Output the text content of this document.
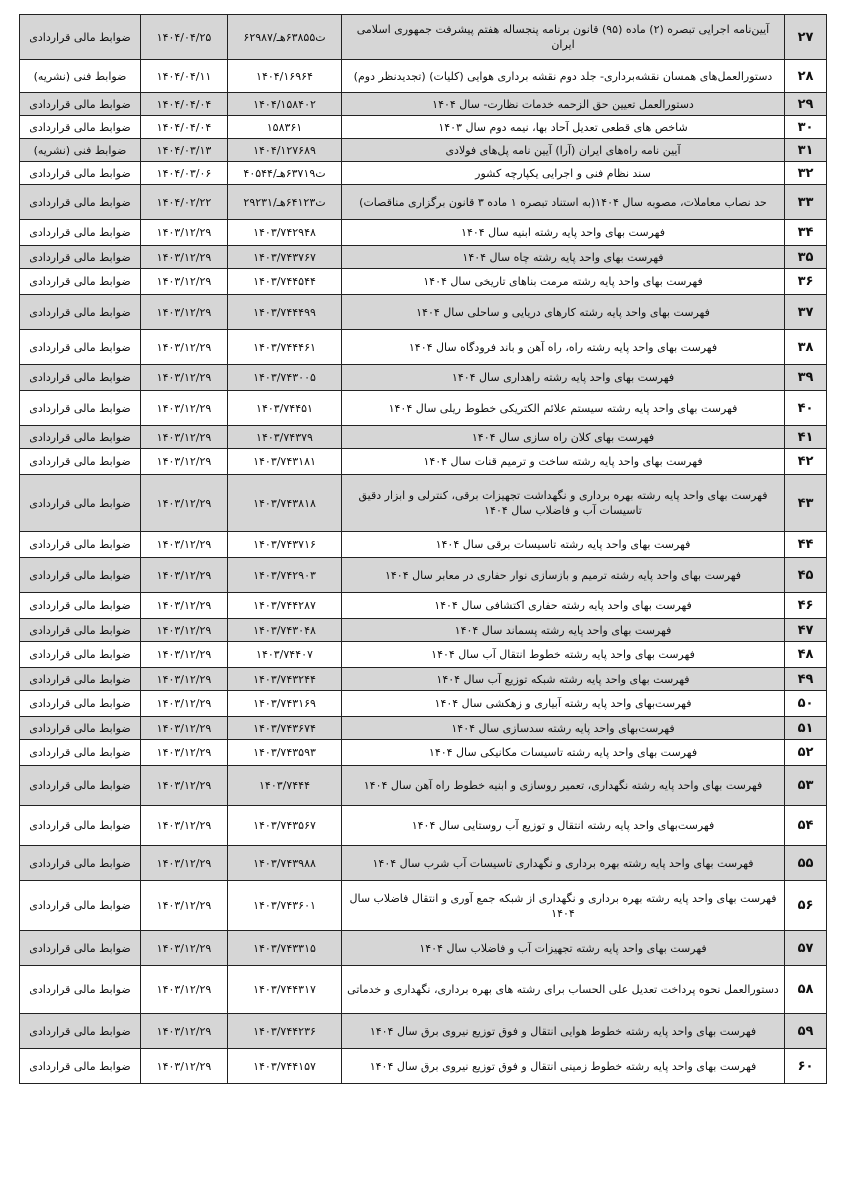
۲۷	آیین‌نامه اجرایی تبصره (۲) ماده (۹۵) قانون برنامه پنجساله هفتم پیشرفت جمهوری اسلامی ایران	ت۶۳۸۵۵هـ/۶۲۹۸۷	۱۴۰۴/۰۴/۲۵	ضوابط مالی قراردادی
۲۸	دستورالعمل‌های همسان نقشه‌برداری- جلد دوم نقشه برداری هوایی (کلیات) (تجدیدنظر دوم)	۱۴۰۴/۱۶۹۶۴	۱۴۰۴/۰۴/۱۱	ضوابط فنی (نشریه)
۲۹	دستورالعمل تعیین حق الزحمه خدمات نظارت- سال ۱۴۰۴	۱۴۰۴/۱۵۸۴۰۲	۱۴۰۴/۰۴/۰۴	ضوابط مالی قراردادی
۳۰	شاخص های قطعی تعدیل آحاد بها، نیمه دوم سال ۱۴۰۳	۱۵۸۳۶۱	۱۴۰۴/۰۴/۰۴	ضوابط مالی قراردادی
۳۱	آیین نامه راه‌های ایران (آرا) آیین نامه پل‌های فولادی	۱۴۰۴/۱۲۷۶۸۹	۱۴۰۴/۰۳/۱۳	ضوابط فنی (نشریه)
۳۲	سند نظام فنی و اجرایی یکپارچه کشور	ت۶۳۷۱۹هـ/۴۰۵۴۴	۱۴۰۴/۰۳/۰۶	ضوابط مالی قراردادی
۳۳	حد نصاب معاملات، مصوبه سال ۱۴۰۴(به استناد تبصره ۱ ماده ۳ قانون برگزاری مناقصات)	ت۶۴۱۲۳هـ/۲۹۲۳۱	۱۴۰۴/۰۲/۲۲	ضوابط مالی قراردادی
۳۴	فهرست بهای واحد پایه رشته ابنیه سال ۱۴۰۴	۱۴۰۳/۷۴۲۹۴۸	۱۴۰۳/۱۲/۲۹	ضوابط مالی قراردادی
۳۵	فهرست بهای واحد پایه رشته چاه سال ۱۴۰۴	۱۴۰۳/۷۴۳۷۶۷	۱۴۰۳/۱۲/۲۹	ضوابط مالی قراردادی
۳۶	فهرست بهای واحد پایه رشته مرمت بناهای تاریخی سال ۱۴۰۴	۱۴۰۳/۷۴۴۵۴۴	۱۴۰۳/۱۲/۲۹	ضوابط مالی قراردادی
۳۷	فهرست بهای واحد پایه رشته کارهای دریایی و ساحلی سال ۱۴۰۴	۱۴۰۳/۷۴۴۴۹۹	۱۴۰۳/۱۲/۲۹	ضوابط مالی قراردادی
۳۸	فهرست بهای واحد پایه رشته راه، راه آهن و باند فرودگاه سال ۱۴۰۴	۱۴۰۳/۷۴۴۴۶۱	۱۴۰۳/۱۲/۲۹	ضوابط مالی قراردادی
۳۹	فهرست بهای واحد پایه رشته راهداری سال ۱۴۰۴	۱۴۰۳/۷۴۳۰۰۵	۱۴۰۳/۱۲/۲۹	ضوابط مالی قراردادی
۴۰	فهرست بهای واحد پایه رشته سیستم علائم الکتریکی خطوط ریلی سال ۱۴۰۴	۱۴۰۳/۷۴۴۵۱	۱۴۰۳/۱۲/۲۹	ضوابط مالی قراردادی
۴۱	فهرست بهای کلان راه سازی سال ۱۴۰۴	۱۴۰۳/۷۴۳۷۹	۱۴۰۳/۱۲/۲۹	ضوابط مالی قراردادی
۴۲	فهرست بهای واحد پایه رشته ساخت و ترمیم قنات سال ۱۴۰۴	۱۴۰۳/۷۴۳۱۸۱	۱۴۰۳/۱۲/۲۹	ضوابط مالی قراردادی
۴۳	فهرست بهای واحد پایه رشته بهره برداری و نگهداشت تجهیزات برقی، کنترلی و ابزار دقیق تاسیسات آب و فاضلاب سال ۱۴۰۴	۱۴۰۳/۷۴۳۸۱۸	۱۴۰۳/۱۲/۲۹	ضوابط مالی قراردادی
۴۴	فهرست بهای واحد پایه رشته تاسیسات برقی سال ۱۴۰۴	۱۴۰۳/۷۴۳۷۱۶	۱۴۰۳/۱۲/۲۹	ضوابط مالی قراردادی
۴۵	فهرست بهای واحد پایه رشته ترمیم و بازسازی نوار حفاری در معابر سال ۱۴۰۴	۱۴۰۳/۷۴۲۹۰۳	۱۴۰۳/۱۲/۲۹	ضوابط مالی قراردادی
۴۶	فهرست بهای واحد پایه رشته حفاری اکتشافی سال ۱۴۰۴	۱۴۰۳/۷۴۴۲۸۷	۱۴۰۳/۱۲/۲۹	ضوابط مالی قراردادی
۴۷	فهرست بهای واحد پایه رشته پسماند سال ۱۴۰۴	۱۴۰۳/۷۴۳۰۴۸	۱۴۰۳/۱۲/۲۹	ضوابط مالی قراردادی
۴۸	فهرست بهای واحد پایه رشته خطوط انتقال آب سال ۱۴۰۴	۱۴۰۳/۷۴۴۰۷	۱۴۰۳/۱۲/۲۹	ضوابط مالی قراردادی
۴۹	فهرست بهای واحد پایه رشته شبکه توزیع آب سال ۱۴۰۴	۱۴۰۳/۷۴۳۲۴۴	۱۴۰۳/۱۲/۲۹	ضوابط مالی قراردادی
۵۰	فهرست‌بهای واحد پایه رشته آبیاری و زهکشی سال ۱۴۰۴	۱۴۰۳/۷۴۳۱۶۹	۱۴۰۳/۱۲/۲۹	ضوابط مالی قراردادی
۵۱	فهرست‌بهای واحد پایه رشته سدسازی سال ۱۴۰۴	۱۴۰۳/۷۴۳۶۷۴	۱۴۰۳/۱۲/۲۹	ضوابط مالی قراردادی
۵۲	فهرست بهای واحد پایه رشته تاسیسات مکانیکی سال ۱۴۰۴	۱۴۰۳/۷۴۳۵۹۳	۱۴۰۳/۱۲/۲۹	ضوابط مالی قراردادی
۵۳	فهرست بهای واحد پایه رشته نگهداری، تعمیر روسازی و ابنیه خطوط راه آهن سال ۱۴۰۴	۱۴۰۳/۷۴۴۴	۱۴۰۳/۱۲/۲۹	ضوابط مالی قراردادی
۵۴	فهرست‌بهای واحد پایه رشته انتقال و توزیع آب روستایی سال ۱۴۰۴	۱۴۰۳/۷۴۳۵۶۷	۱۴۰۳/۱۲/۲۹	ضوابط مالی قراردادی
۵۵	فهرست بهای واحد پایه رشته بهره برداری و نگهداری تاسیسات آب شرب سال ۱۴۰۴	۱۴۰۳/۷۴۳۹۸۸	۱۴۰۳/۱۲/۲۹	ضوابط مالی قراردادی
۵۶	فهرست بهای واحد پایه رشته بهره برداری و نگهداری از شبکه جمع آوری و انتقال فاضلاب سال ۱۴۰۴	۱۴۰۳/۷۴۳۶۰۱	۱۴۰۳/۱۲/۲۹	ضوابط مالی قراردادی
۵۷	فهرست بهای واحد پایه رشته تجهیزات آب و فاضلاب سال ۱۴۰۴	۱۴۰۳/۷۴۳۳۱۵	۱۴۰۳/۱۲/۲۹	ضوابط مالی قراردادی
۵۸	دستورالعمل نحوه پرداخت تعدیل علی الحساب برای رشته های بهره برداری، نگهداری و خدماتی	۱۴۰۳/۷۴۴۳۱۷	۱۴۰۳/۱۲/۲۹	ضوابط مالی قراردادی
۵۹	فهرست بهای واحد پایه رشته خطوط هوایی انتقال و فوق توزیع نیروی برق سال ۱۴۰۴	۱۴۰۳/۷۴۴۲۳۶	۱۴۰۳/۱۲/۲۹	ضوابط مالی قراردادی
۶۰	فهرست بهای واحد پایه رشته خطوط زمینی انتقال و فوق توزیع نیروی برق سال ۱۴۰۴	۱۴۰۳/۷۴۴۱۵۷	۱۴۰۳/۱۲/۲۹	ضوابط مالی قراردادی
